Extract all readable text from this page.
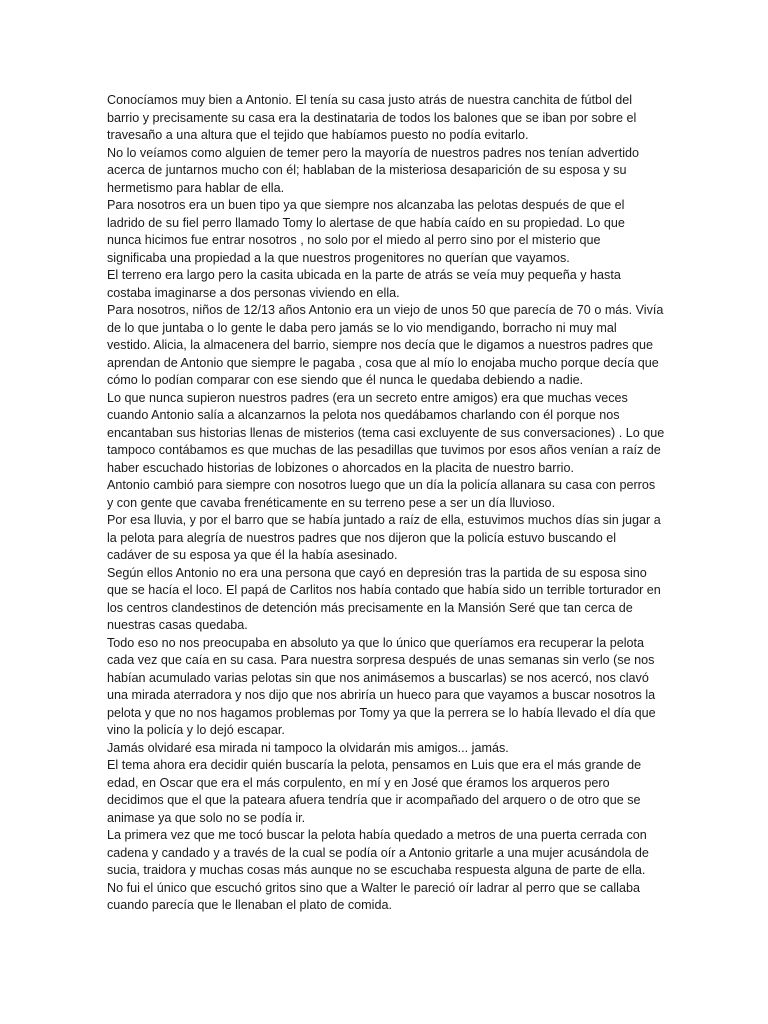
Conocíamos muy bien a Antonio. El tenía su casa justo atrás de nuestra canchita de fútbol del
barrio y precisamente su casa era la destinataria de todos los balones que se iban por sobre el
travesaño a una altura que el tejido que habíamos puesto no podía evitarlo.
No lo veíamos como alguien de temer pero la mayoría de nuestros padres nos tenían advertido
acerca de juntarnos mucho con él; hablaban de la misteriosa desaparición de su esposa y su
hermetismo para hablar de ella.
Para nosotros era un buen tipo ya que siempre nos alcanzaba las pelotas después de que el
ladrido de su fiel perro llamado Tomy lo alertase de que había caído en su propiedad. Lo que
nunca hicimos fue entrar nosotros , no solo por el miedo al perro sino por el misterio que
significaba una propiedad a la que nuestros progenitores no querían que vayamos.
El terreno era largo pero la casita ubicada en la parte de atrás se veía muy pequeña y hasta
costaba imaginarse a dos personas viviendo en ella.
Para nosotros, niños de 12/13 años Antonio era un viejo de unos 50 que parecía de 70 o más. Vivía
de lo que juntaba o lo gente le daba pero jamás se lo vio mendigando, borracho ni muy mal
vestido. Alicia, la almacenera del barrio, siempre nos decía que le digamos a nuestros padres que
aprendan de Antonio que siempre le pagaba , cosa que al mío lo enojaba mucho porque decía que
cómo lo podían comparar con ese siendo que él nunca le quedaba debiendo a nadie.
Lo que nunca supieron nuestros padres (era un secreto entre amigos) era que muchas veces
cuando Antonio salía a alcanzarnos la pelota nos quedábamos charlando con él porque nos
encantaban sus historias llenas de misterios (tema casi excluyente de sus conversaciones) . Lo que
tampoco contábamos es que muchas de las pesadillas que tuvimos por esos años venían a raíz de
haber escuchado historias de lobizones o ahorcados en la placita de nuestro barrio.
Antonio cambió para siempre con nosotros luego que un día la policía allanara su casa con perros
y con gente que cavaba frenéticamente en su terreno pese a ser un día lluvioso.
Por esa lluvia, y por el barro que se había juntado a raíz de ella, estuvimos muchos días sin jugar a
la pelota para alegría de nuestros padres que nos dijeron que la policía estuvo buscando el
cadáver de su esposa ya que él la había asesinado.
Según ellos Antonio no era una persona que cayó en depresión tras la partida de su esposa sino
que se hacía el loco. El papá de Carlitos nos había contado que había sido un terrible torturador en
los centros clandestinos de detención más precisamente en la Mansión Seré que tan cerca de
nuestras casas quedaba.
Todo eso no nos preocupaba en absoluto ya que lo único que queríamos era recuperar la pelota
cada vez que caía en su casa. Para nuestra sorpresa después de unas semanas sin verlo (se nos
habían acumulado varias pelotas sin que nos animásemos a buscarlas) se nos acercó, nos clavó
una mirada aterradora y nos dijo que nos abriría un hueco para que vayamos a buscar nosotros la
pelota y que no nos hagamos problemas por Tomy ya que la perrera se lo había llevado el día que
vino la policía y lo dejó escapar.
Jamás olvidaré esa mirada ni tampoco la olvidarán mis amigos... jamás.
El tema ahora era decidir quién buscaría la pelota, pensamos en Luis que era el más grande de
edad, en Oscar que era el más corpulento, en mí y en José que éramos los arqueros pero
decidimos que el que la pateara afuera tendría que ir acompañado del arquero o de otro que se
animase ya que solo no se podía ir.
La primera vez que me tocó buscar la pelota había quedado a metros de una puerta cerrada con
cadena y candado y a través de la cual se podía oír a Antonio gritarle a una mujer acusándola de
sucia, traidora y muchas cosas más aunque no se escuchaba respuesta alguna de parte de ella.
No fui el único que escuchó gritos sino que a Walter le pareció oír ladrar al perro que se callaba
cuando parecía que le llenaban el plato de comida.
